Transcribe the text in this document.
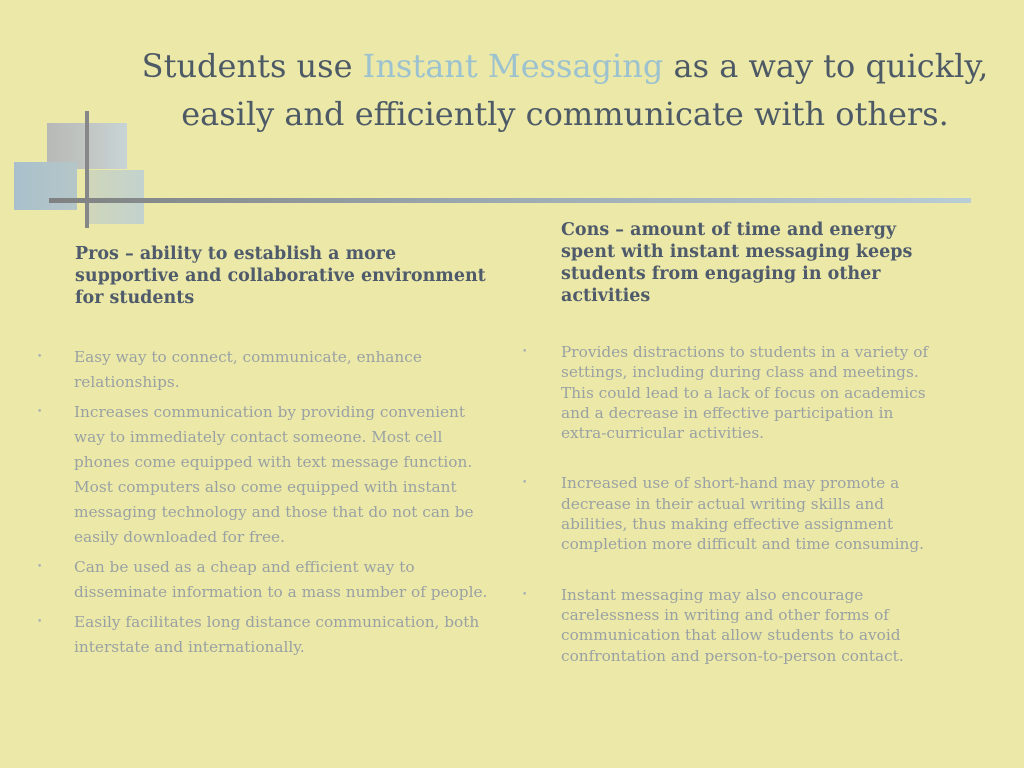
Students use Instant Messaging as a way to quickly, easily and efficiently communicate with others.
Pros – ability to establish a more supportive and collaborative environment for students
• Easy way to connect, communicate, enhance relationships.
• Increases communication by providing convenient way to immediately contact someone. Most cell phones come equipped with text message function. Most computers also come equipped with instant messaging technology and those that do not can be easily downloaded for free.
• Can be used as a cheap and efficient way to disseminate information to a mass number of people.
• Easily facilitates long distance communication, both interstate and internationally.
Cons – amount of time and energy spent with instant messaging keeps students from engaging in other activities
• Provides distractions to students in a variety of settings, including during class and meetings. This could lead to a lack of focus on academics and a decrease in effective participation in extra-curricular activities.
• Increased use of short-hand may promote a decrease in their actual writing skills and abilities, thus making effective assignment completion more difficult and time consuming.
• Instant messaging may also encourage carelessness in writing and other forms of communication that allow students to avoid confrontation and person-to-person contact.
